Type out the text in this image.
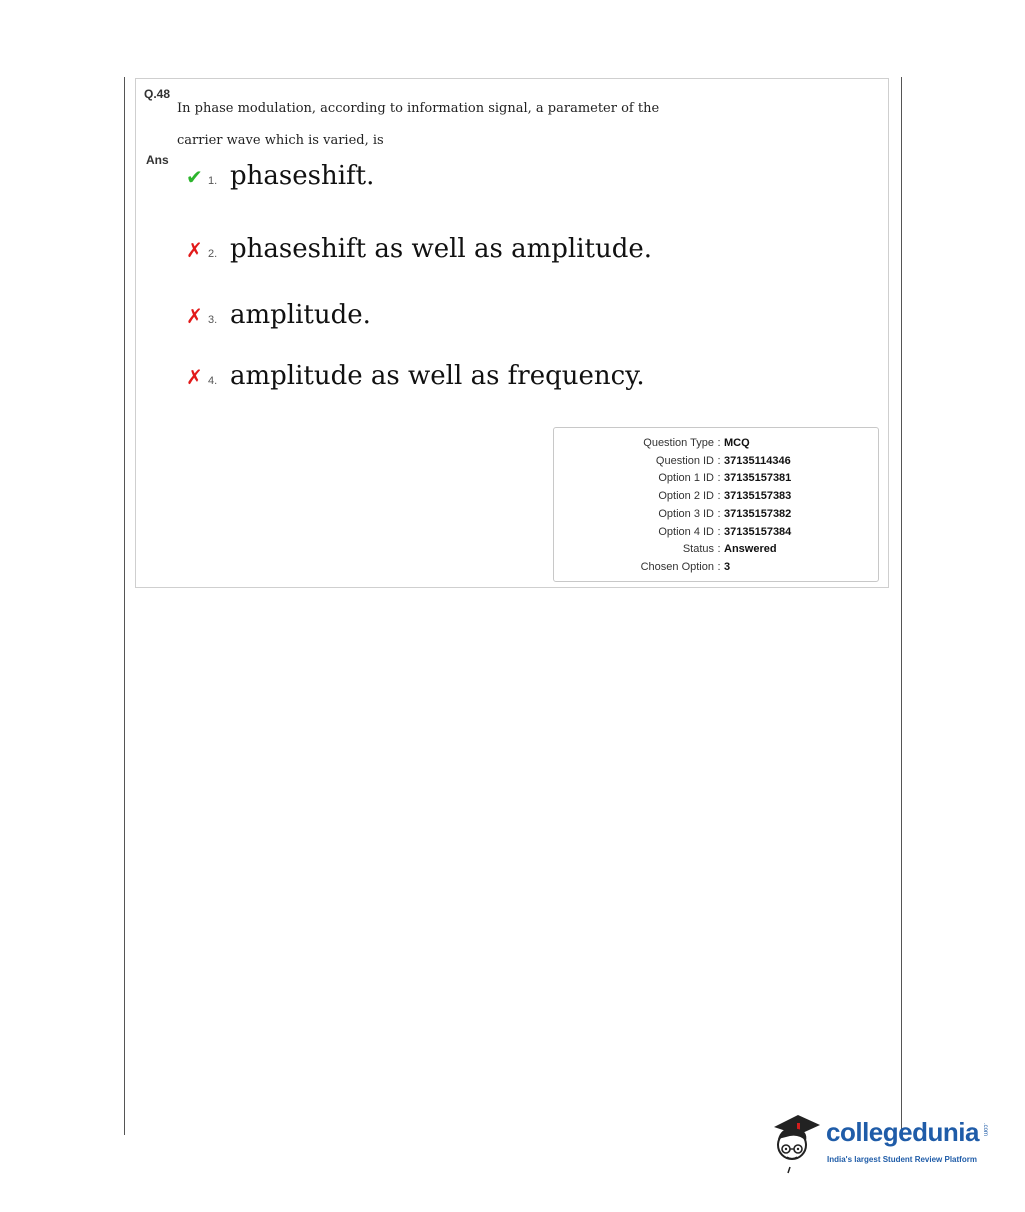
Q.48
In phase modulation, according to information signal, a parameter of the carrier wave which is varied, is
Ans
✔ 1. phaseshift.
✗ 2. phaseshift as well as amplitude.
✗ 3. amplitude.
✗ 4. amplitude as well as frequency.
Question Type : MCQ
Question ID : 37135114346
Option 1 ID : 37135157381
Option 2 ID : 37135157383
Option 3 ID : 37135157382
Option 4 ID : 37135157384
Status : Answered
Chosen Option : 3
collegedunia .com
India's largest Student Review Platform
